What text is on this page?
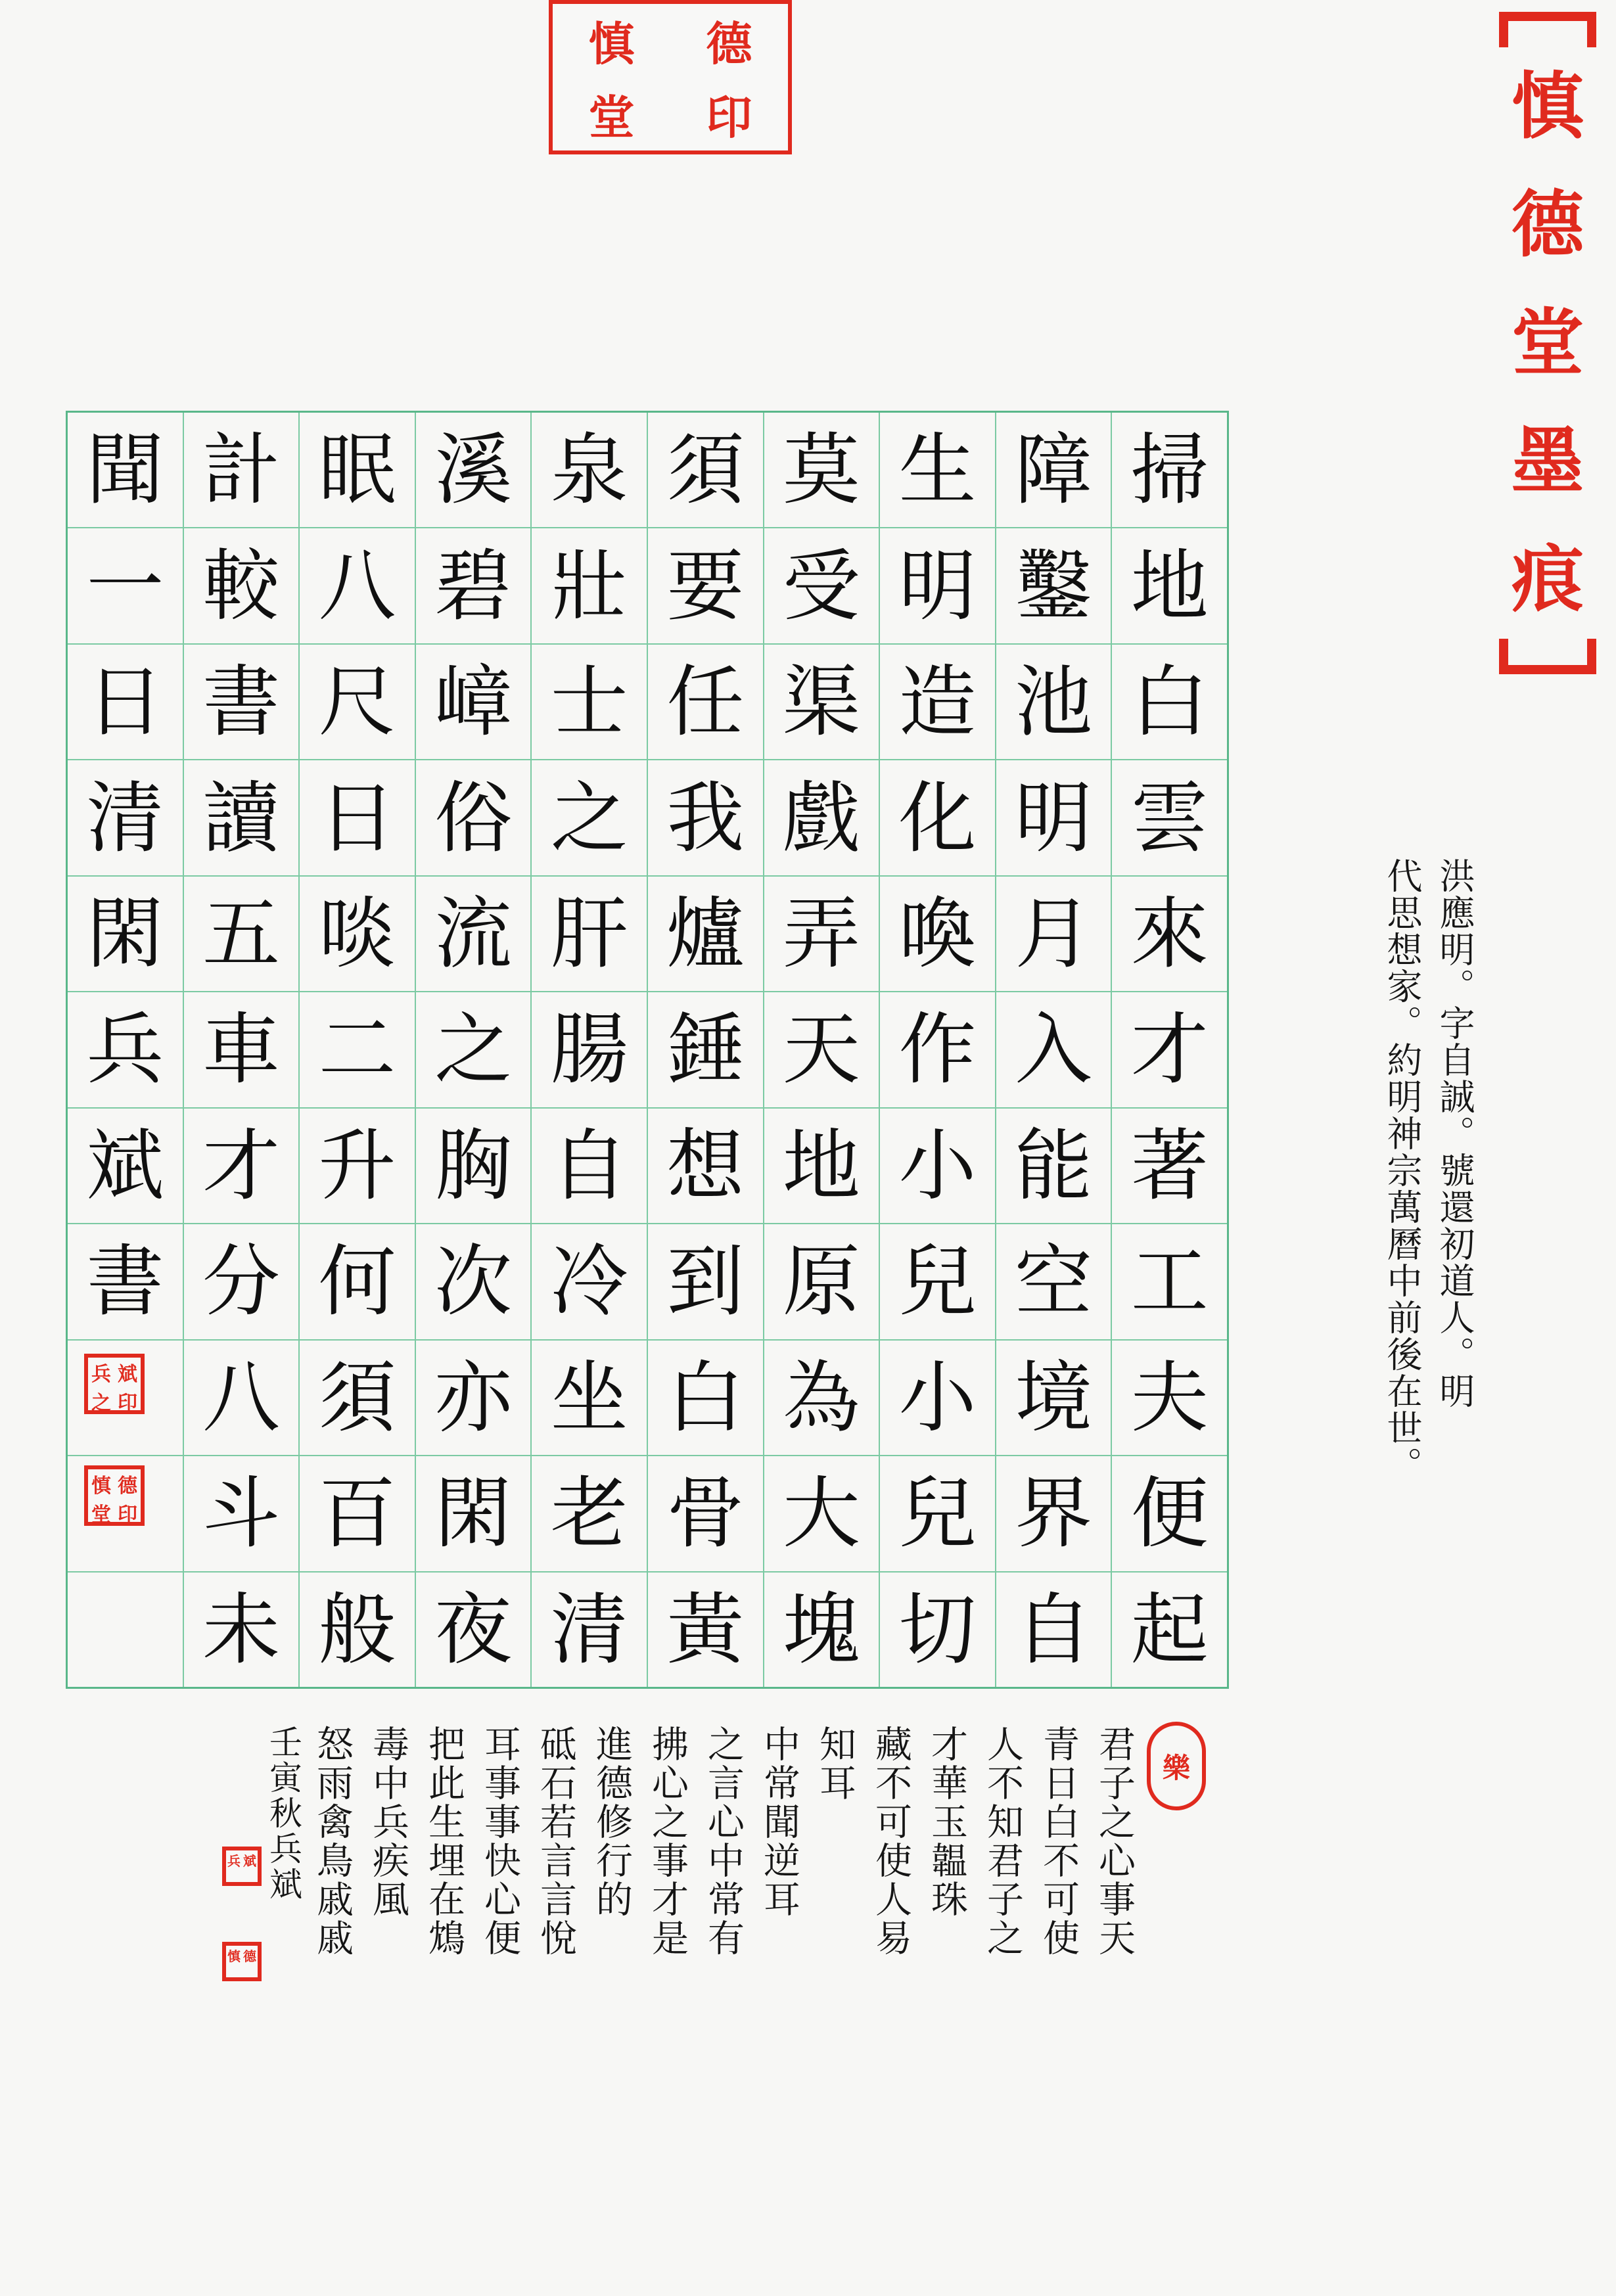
慎
德
堂
墨
痕
慎	德
堂	印
掃
地
白
雲
來
才
著
工
夫
便
起
障
鑿
池
明
月
入
能
空
境
界
自
生
明
造
化
喚
作
小
兒
小
兒
切
莫
受
渠
戲
弄
天
地
原
為
大
塊
須
要
任
我
爐
錘
想
到
白
骨
黃
泉
壯
士
之
肝
腸
自
冷
坐
老
清
溪
碧
嶂
俗
流
之
胸
次
亦
閑
夜
眠
八
尺
日
啖
二
升
何
須
百
般
計
較
書
讀
五
車
才
分
八
斗
未
聞
一
日
清
閑
兵
斌
書
兵 斌
之 印
慎 德
堂 印
洪應明。字自誠。號還初道人。明
代思想家。約明神宗萬曆中前後在世。
樂
君子之心事天
青日白不可使
人不知君子之
才華玉韞珠
藏不可使人易
知耳
中常聞逆耳
之言心中常有
拂心之事才是
進德修行的
砥石若言言悅
耳事事快心便
把此生埋在鴆
毒中兵疾風
怒雨禽鳥戚戚
壬寅秋兵斌
兵 斌
慎 德
